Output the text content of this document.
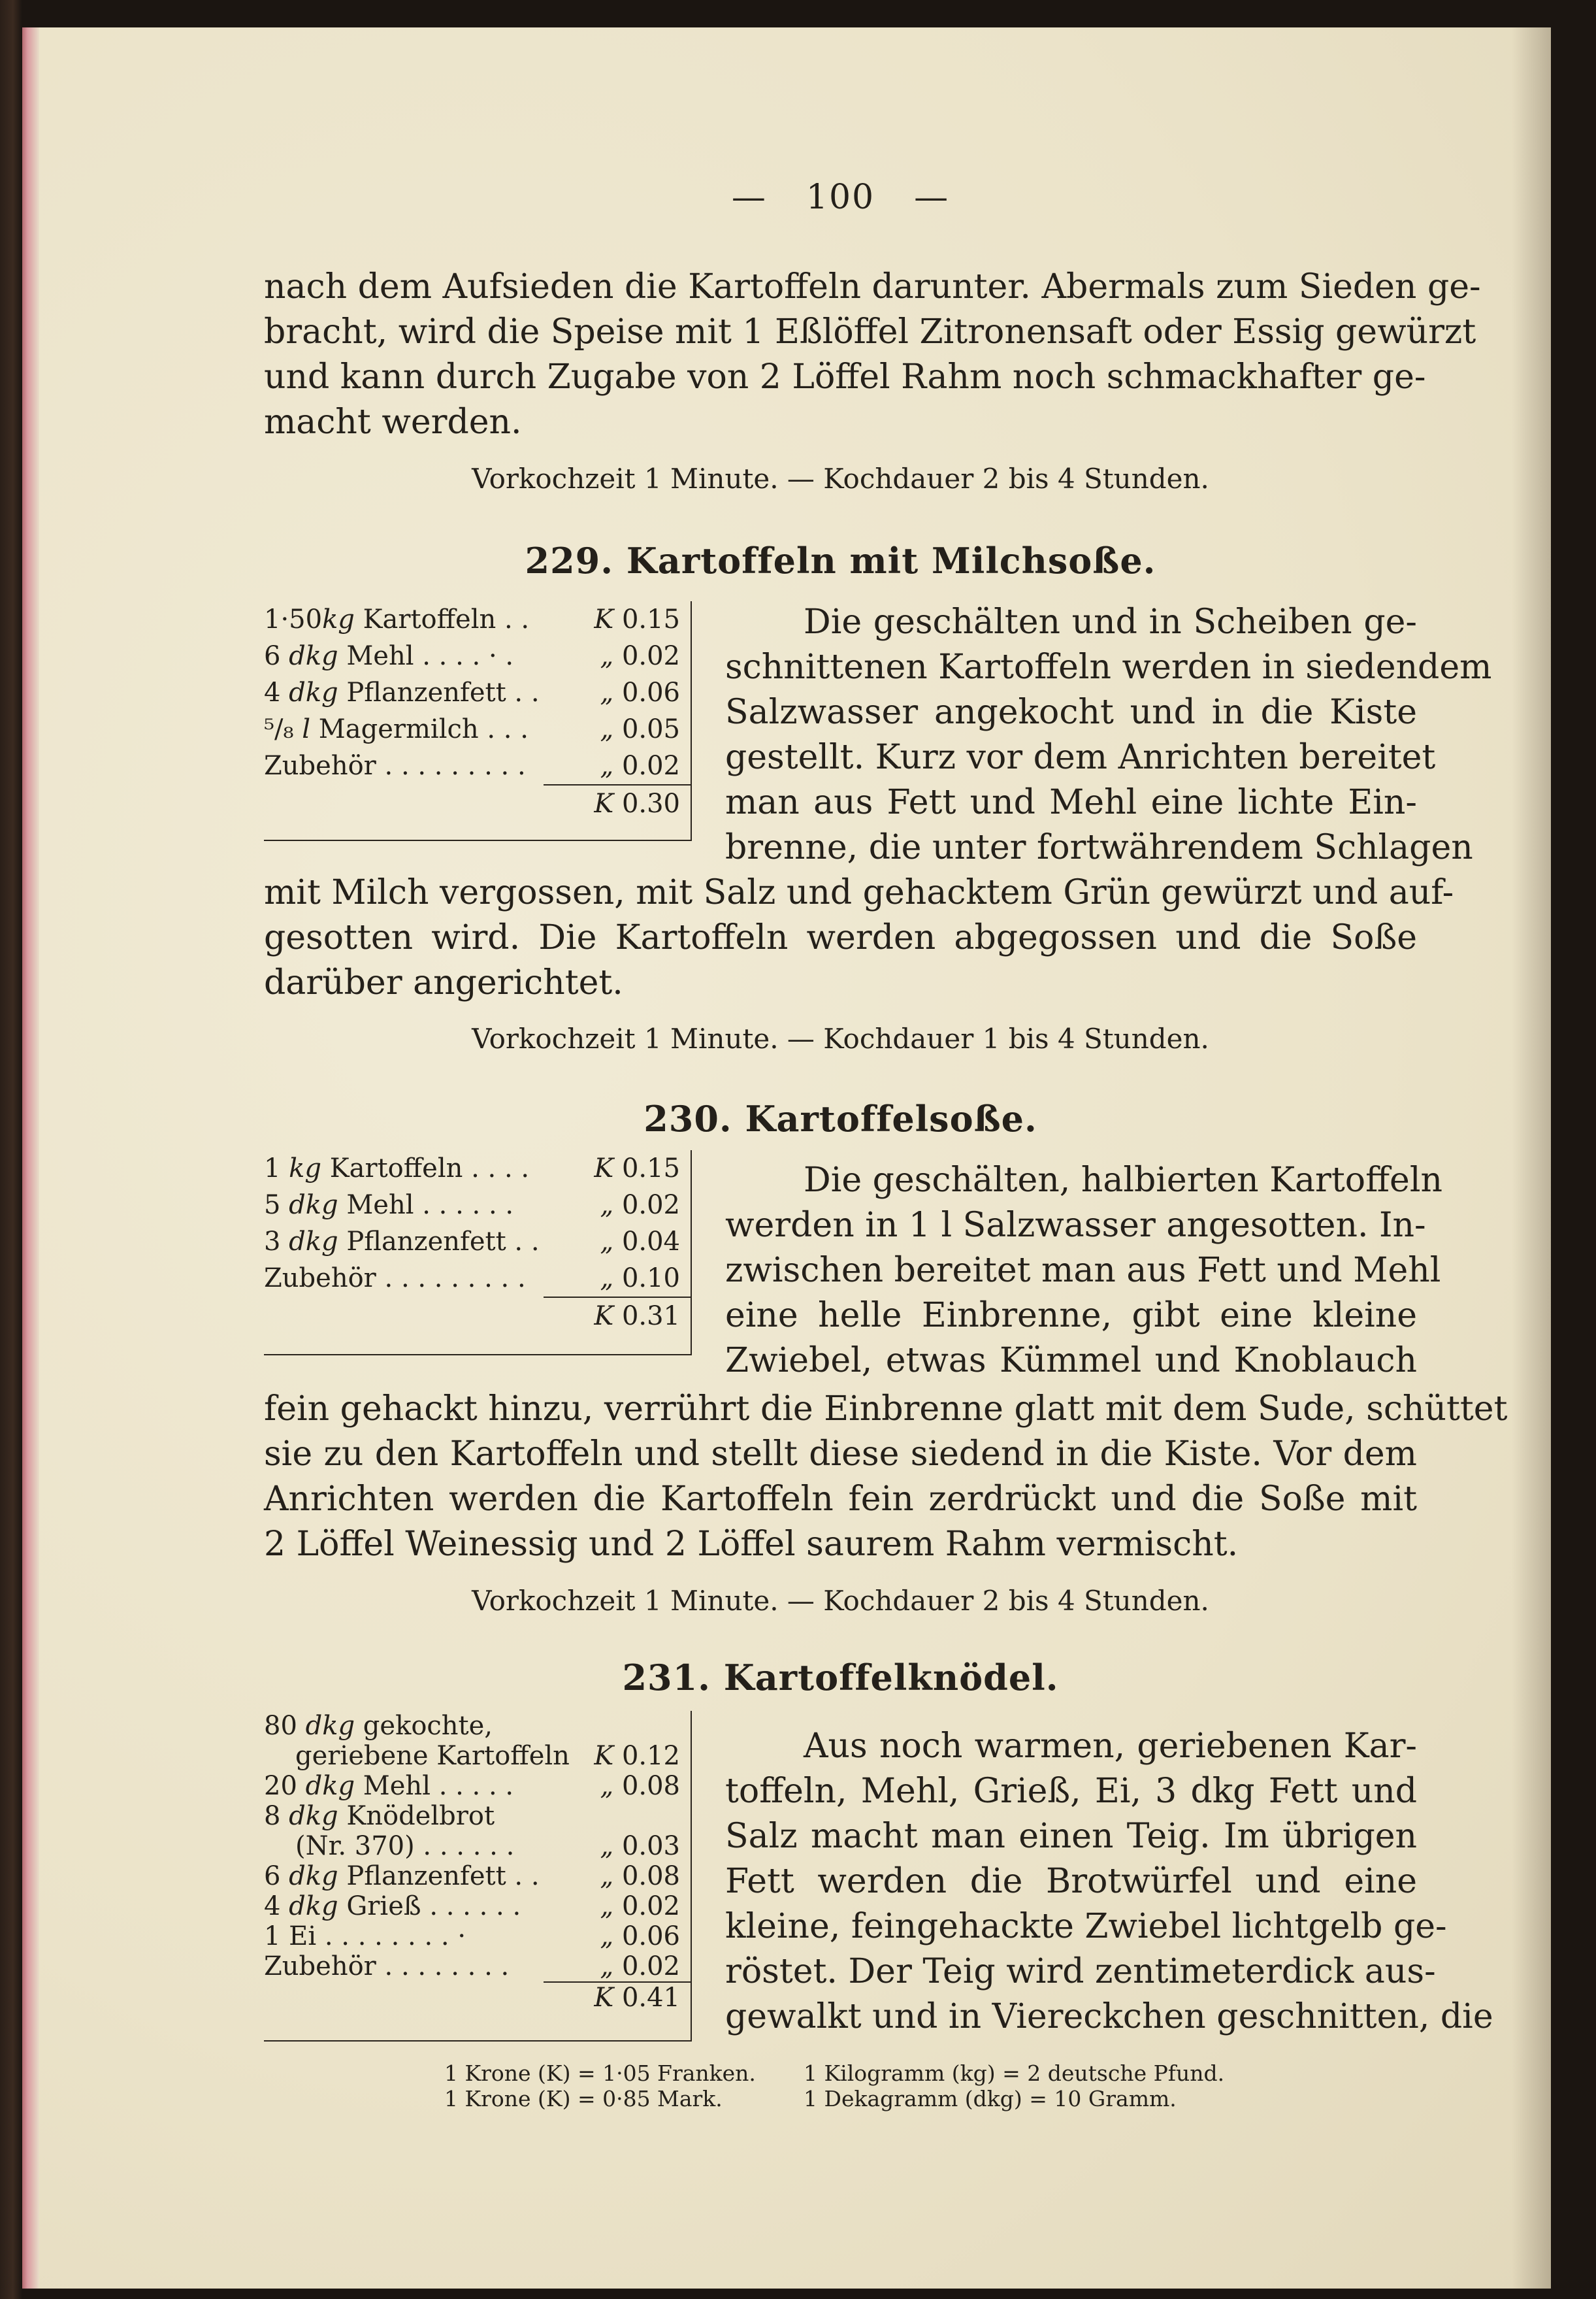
— 100 —
nach dem Aufsieden die Kartoffeln darunter. Abermals zum Sieden ge-
bracht, wird die Speise mit 1 Eßlöffel Zitronensaft oder Essig gewürzt
und kann durch Zugabe von 2 Löffel Rahm noch schmackhafter ge-
macht werden.
Vorkochzeit 1 Minute. — Kochdauer 2 bis 4 Stunden.
229. Kartoffeln mit Milchsoße.
1·50kg Kartoffeln . . K 0.15
6 dkg Mehl . . . . · .	„ 0.02
4 dkg Pflanzenfett . . „ 0.06
⁵/₈ l Magermilch . . .	„ 0.05
Zubehör . . . . . . . . .	„ 0.02
K 0.30
Die geschälten und in Scheiben ge-
schnittenen Kartoffeln werden in siedendem
Salzwasser angekocht und in die Kiste
gestellt. Kurz vor dem Anrichten bereitet
man aus Fett und Mehl eine lichte Ein-
brenne, die unter fortwährendem Schlagen
mit Milch vergossen, mit Salz und gehacktem Grün gewürzt und auf-
gesotten wird. Die Kartoffeln werden abgegossen und die Soße
darüber angerichtet.
Vorkochzeit 1 Minute. — Kochdauer 1 bis 4 Stunden.
230. Kartoffelsoße.
1 kg Kartoffeln . . . . K 0.15
5 dkg Mehl . . . . . .	„ 0.02
3 dkg Pflanzenfett . . „ 0.04
Zubehör . . . . . . . . .	„ 0.10
K 0.31
Die geschälten, halbierten Kartoffeln
werden in 1 l Salzwasser angesotten. In-
zwischen bereitet man aus Fett und Mehl
eine helle Einbrenne, gibt eine kleine
Zwiebel, etwas Kümmel und Knoblauch
fein gehackt hinzu, verrührt die Einbrenne glatt mit dem Sude, schüttet
sie zu den Kartoffeln und stellt diese siedend in die Kiste. Vor dem
Anrichten werden die Kartoffeln fein zerdrückt und die Soße mit
2 Löffel Weinessig und 2 Löffel saurem Rahm vermischt.
Vorkochzeit 1 Minute. — Kochdauer 2 bis 4 Stunden.
231. Kartoffelknödel.
80 dkg gekochte,
geriebene Kartoffeln K 0.12
20 dkg Mehl . . . . .	„ 0.08
8 dkg Knödelbrot
(Nr. 370) . . . . . .	„ 0.03
6 dkg Pflanzenfett . . „ 0.08
4 dkg Grieß . . . . . .	„ 0.02
1 Ei . . . . . . . . ·	„ 0.06
Zubehör . . . . . . . .	„ 0.02
K 0.41
Aus noch warmen, geriebenen Kar-
toffeln, Mehl, Grieß, Ei, 3 dkg Fett und
Salz macht man einen Teig. Im übrigen
Fett werden die Brotwürfel und eine
kleine, feingehackte Zwiebel lichtgelb ge-
röstet. Der Teig wird zentimeterdick aus-
gewalkt und in Viereckchen geschnitten, die
1 Krone (K) = 1·05 Franken.
1 Krone (K) = 0·85 Mark.
1 Kilogramm (kg) = 2 deutsche Pfund.
1 Dekagramm (dkg) = 10 Gramm.
